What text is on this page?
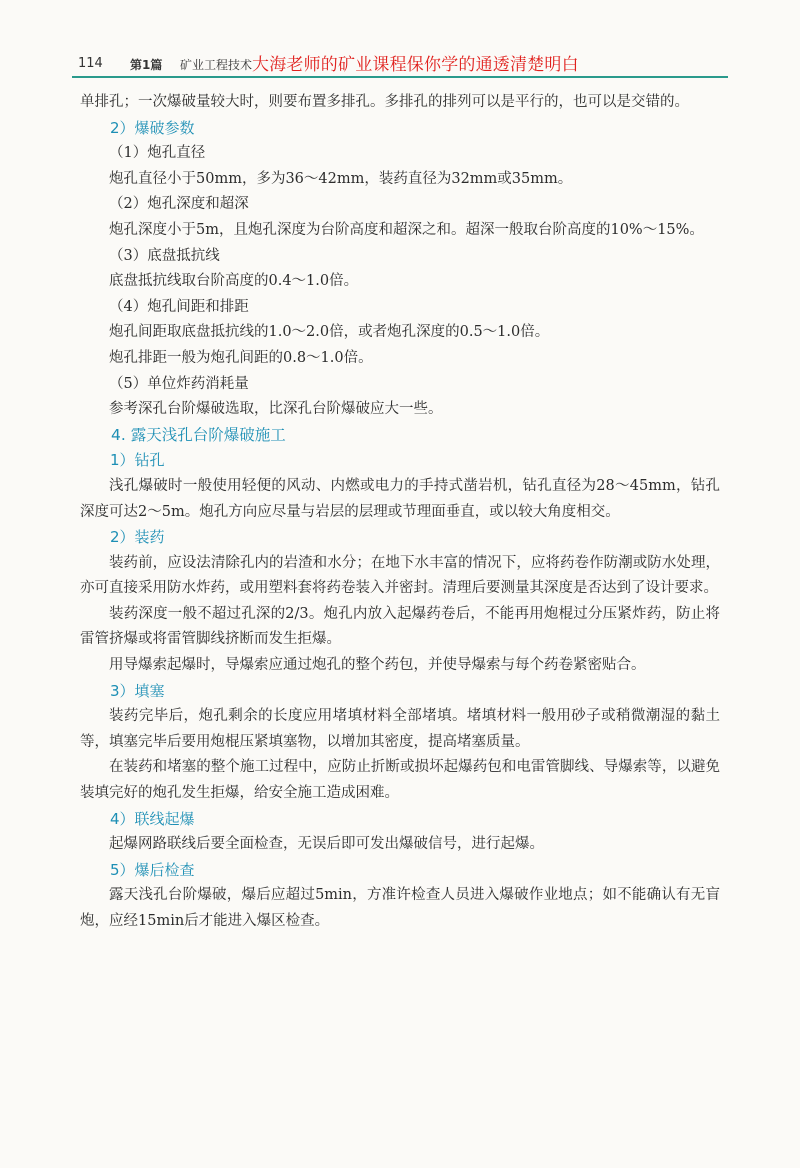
114 第1篇 矿业工程技术 大海老师的矿业课程保你学的通透清楚明白

单排孔；一次爆破量较大时，则要布置多排孔。多排孔的排列可以是平行的，也可以是交错的。

2）爆破参数

（1）炮孔直径

炮孔直径小于50mm，多为36～42mm，装药直径为32mm或35mm。

（2）炮孔深度和超深

炮孔深度小于5m，且炮孔深度为台阶高度和超深之和。超深一般取台阶高度的10%～15%。

（3）底盘抵抗线

底盘抵抗线取台阶高度的0.4～1.0倍。

（4）炮孔间距和排距

炮孔间距取底盘抵抗线的1.0～2.0倍，或者炮孔深度的0.5～1.0倍。

炮孔排距一般为炮孔间距的0.8～1.0倍。

（5）单位炸药消耗量

参考深孔台阶爆破选取，比深孔台阶爆破应大一些。

4. 露天浅孔台阶爆破施工

1）钻孔

浅孔爆破时一般使用轻便的风动、内燃或电力的手持式凿岩机，钻孔直径为28～45mm，钻孔深度可达2～5m。炮孔方向应尽量与岩层的层理或节理面垂直，或以较大角度相交。

2）装药

装药前，应设法清除孔内的岩渣和水分；在地下水丰富的情况下，应将药卷作防潮或防水处理，亦可直接采用防水炸药，或用塑料套将药卷装入并密封。清理后要测量其深度是否达到了设计要求。

装药深度一般不超过孔深的2/3。炮孔内放入起爆药卷后，不能再用炮棍过分压紧炸药，防止将雷管挤爆或将雷管脚线挤断而发生拒爆。

用导爆索起爆时，导爆索应通过炮孔的整个药包，并使导爆索与每个药卷紧密贴合。

3）填塞

装药完毕后，炮孔剩余的长度应用堵填材料全部堵填。堵填材料一般用砂子或稍微潮湿的黏土等，填塞完毕后要用炮棍压紧填塞物，以增加其密度，提高堵塞质量。

在装药和堵塞的整个施工过程中，应防止折断或损坏起爆药包和电雷管脚线、导爆索等，以避免装填完好的炮孔发生拒爆，给安全施工造成困难。

4）联线起爆

起爆网路联线后要全面检查，无误后即可发出爆破信号，进行起爆。

5）爆后检查

露天浅孔台阶爆破，爆后应超过5min，方准许检查人员进入爆破作业地点；如不能确认有无盲炮，应经15min后才能进入爆区检查。
